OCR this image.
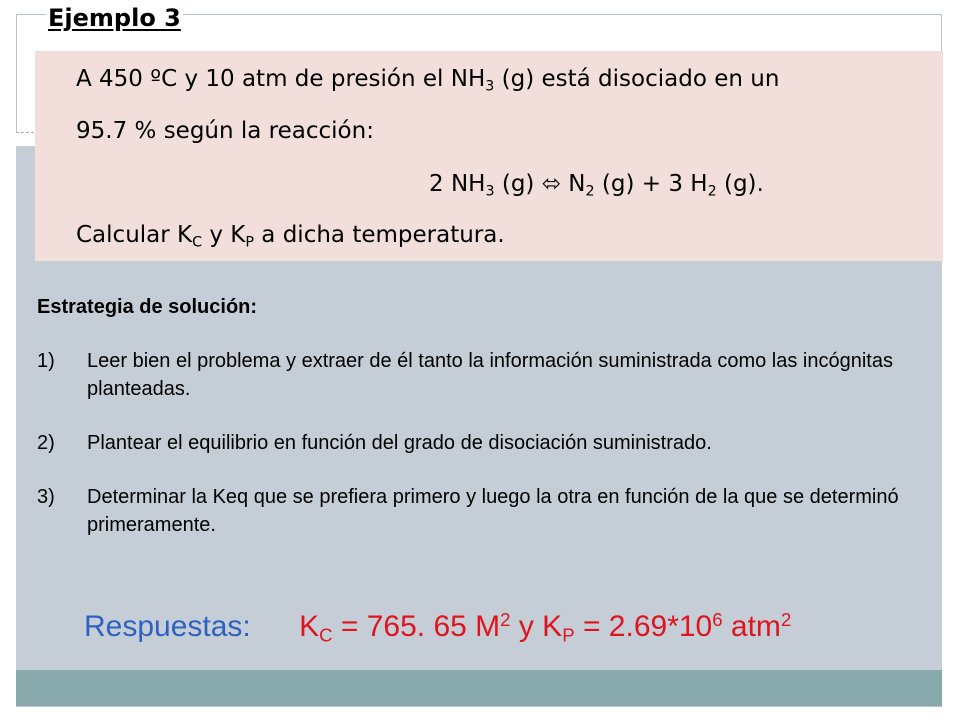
Ejemplo 3
A 450 ºC y 10 atm de presión el $NH_3$ (g) está disociado en un
95.7 % según la reacción:
2 $NH_3$ (g) ⬄ $N_2$ (g) + 3 $H_2$ (g).
Calcular $K_C$ y $K_P$ a dicha temperatura.
Estrategia de solución:
1) Leer bien el problema y extraer de él tanto la información suministrada como las incógnitas planteadas.
2) Plantear el equilibrio en función del grado de disociación suministrado.
3) Determinar la Keq que se prefiera primero y luego la otra en función de la que se determinó primeramente.
Respuestas: $K_C = 765$. 65 $M^2$ y $K_P = 2.69*10^6$ atm$^2$
